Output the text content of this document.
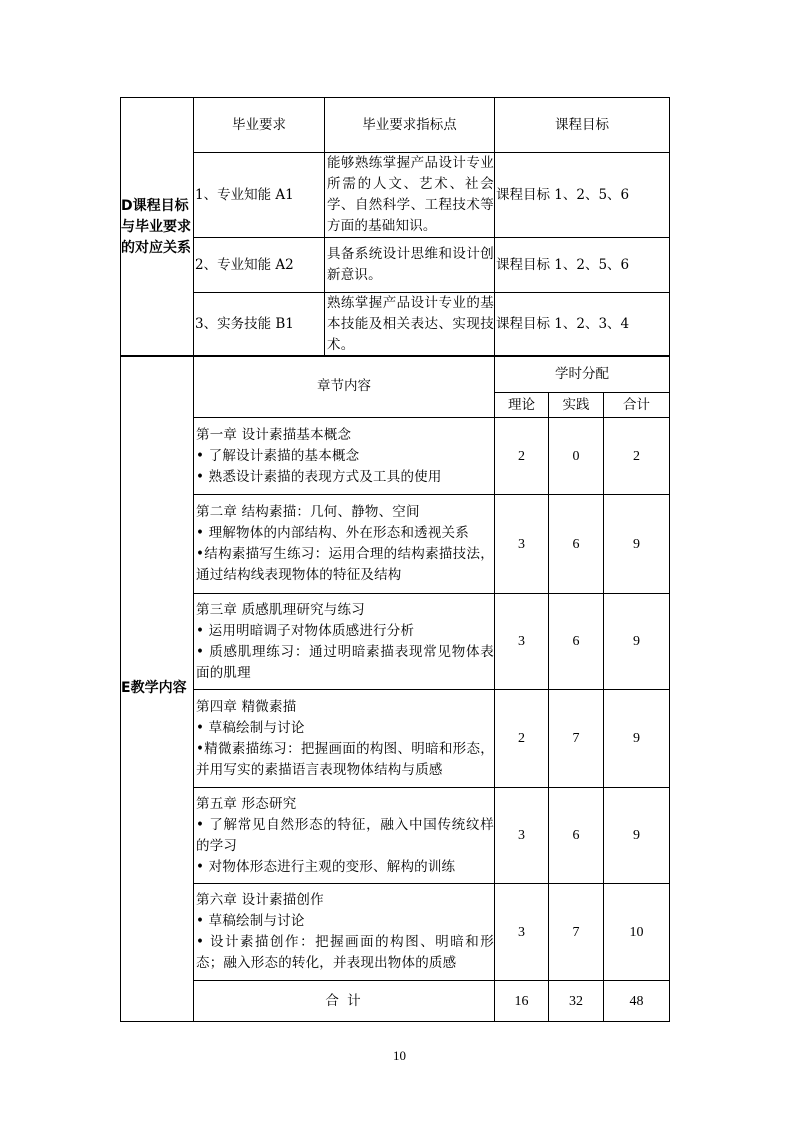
D课程目标与毕业要求的对应关系	毕业要求	毕业要求指标点	课程目标
	1、专业知能 A1	能够熟练掌握产品设计专业所需的人文、艺术、社会学、自然科学、工程技术等方面的基础知识。	课程目标 1、2、5、6
	2、专业知能 A2	具备系统设计思维和设计创新意识。	课程目标 1、2、5、6
	3、实务技能 B1	熟练掌握产品设计专业的基本技能及相关表达、实现技术。	课程目标 1、2、3、4
E教学内容	章节内容	学时分配		
		理论	实践	合计

	第一章 设计素描基本概念
• 了解设计素描的基本概念
• 熟悉设计素描的表现方式及工具的使用	2	0	2

	第二章 结构素描：几何、静物、空间
• 理解物体的内部结构、外在形态和透视关系
•结构素描写生练习：运用合理的结构素描技法，通过结构线表现物体的特征及结构	3	6	9

	第三章 质感肌理研究与练习
• 运用明暗调子对物体质感进行分析
• 质感肌理练习：通过明暗素描表现常见物体表面的肌理	3	6	9

	第四章 精微素描
• 草稿绘制与讨论
•精微素描练习：把握画面的构图、明暗和形态，并用写实的素描语言表现物体结构与质感	2	7	9

	第五章 形态研究
• 了解常见自然形态的特征，融入中国传统纹样的学习
• 对物体形态进行主观的变形、解构的训练	3	6	9

	第六章 设计素描创作
• 草稿绘制与讨论
• 设计素描创作：把握画面的构图、明暗和形态；融入形态的转化，并表现出物体的质感	3	7	10
	合 计	16	32	48
10
